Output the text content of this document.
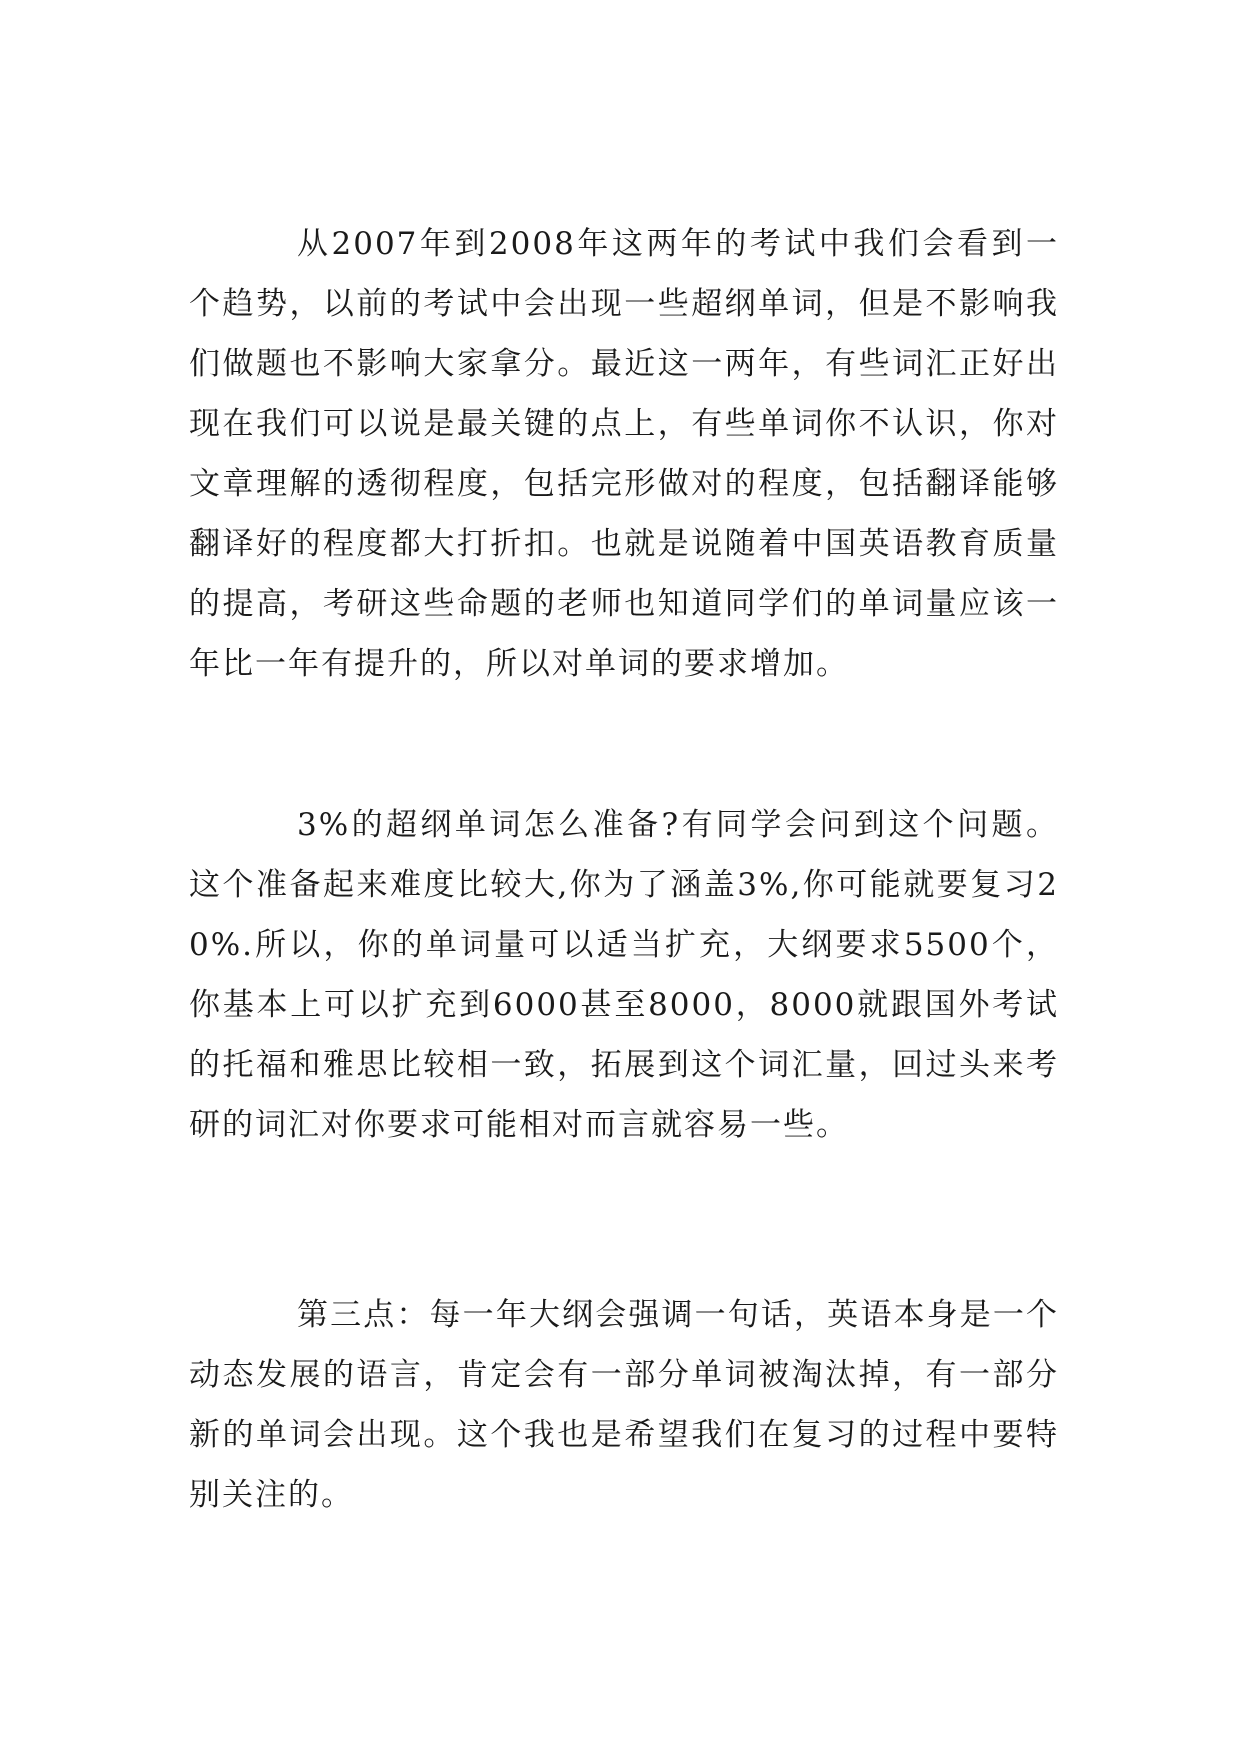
从2007年到2008年这两年的考试中我们会看到一个趋势，以前的考试中会出现一些超纲单词，但是不影响我们做题也不影响大家拿分。最近这一两年，有些词汇正好出现在我们可以说是最关键的点上，有些单词你不认识，你对文章理解的透彻程度，包括完形做对的程度，包括翻译能够翻译好的程度都大打折扣。也就是说随着中国英语教育质量的提高，考研这些命题的老师也知道同学们的单词量应该一年比一年有提升的，所以对单词的要求增加。

3%的超纲单词怎么准备?有同学会问到这个问题。这个准备起来难度比较大,你为了涵盖3%,你可能就要复习20%.所以，你的单词量可以适当扩充，大纲要求5500个，你基本上可以扩充到6000甚至8000，8000就跟国外考试的托福和雅思比较相一致，拓展到这个词汇量，回过头来考研的词汇对你要求可能相对而言就容易一些。

第三点：每一年大纲会强调一句话，英语本身是一个动态发展的语言，肯定会有一部分单词被淘汰掉，有一部分新的单词会出现。这个我也是希望我们在复习的过程中要特别关注的。
